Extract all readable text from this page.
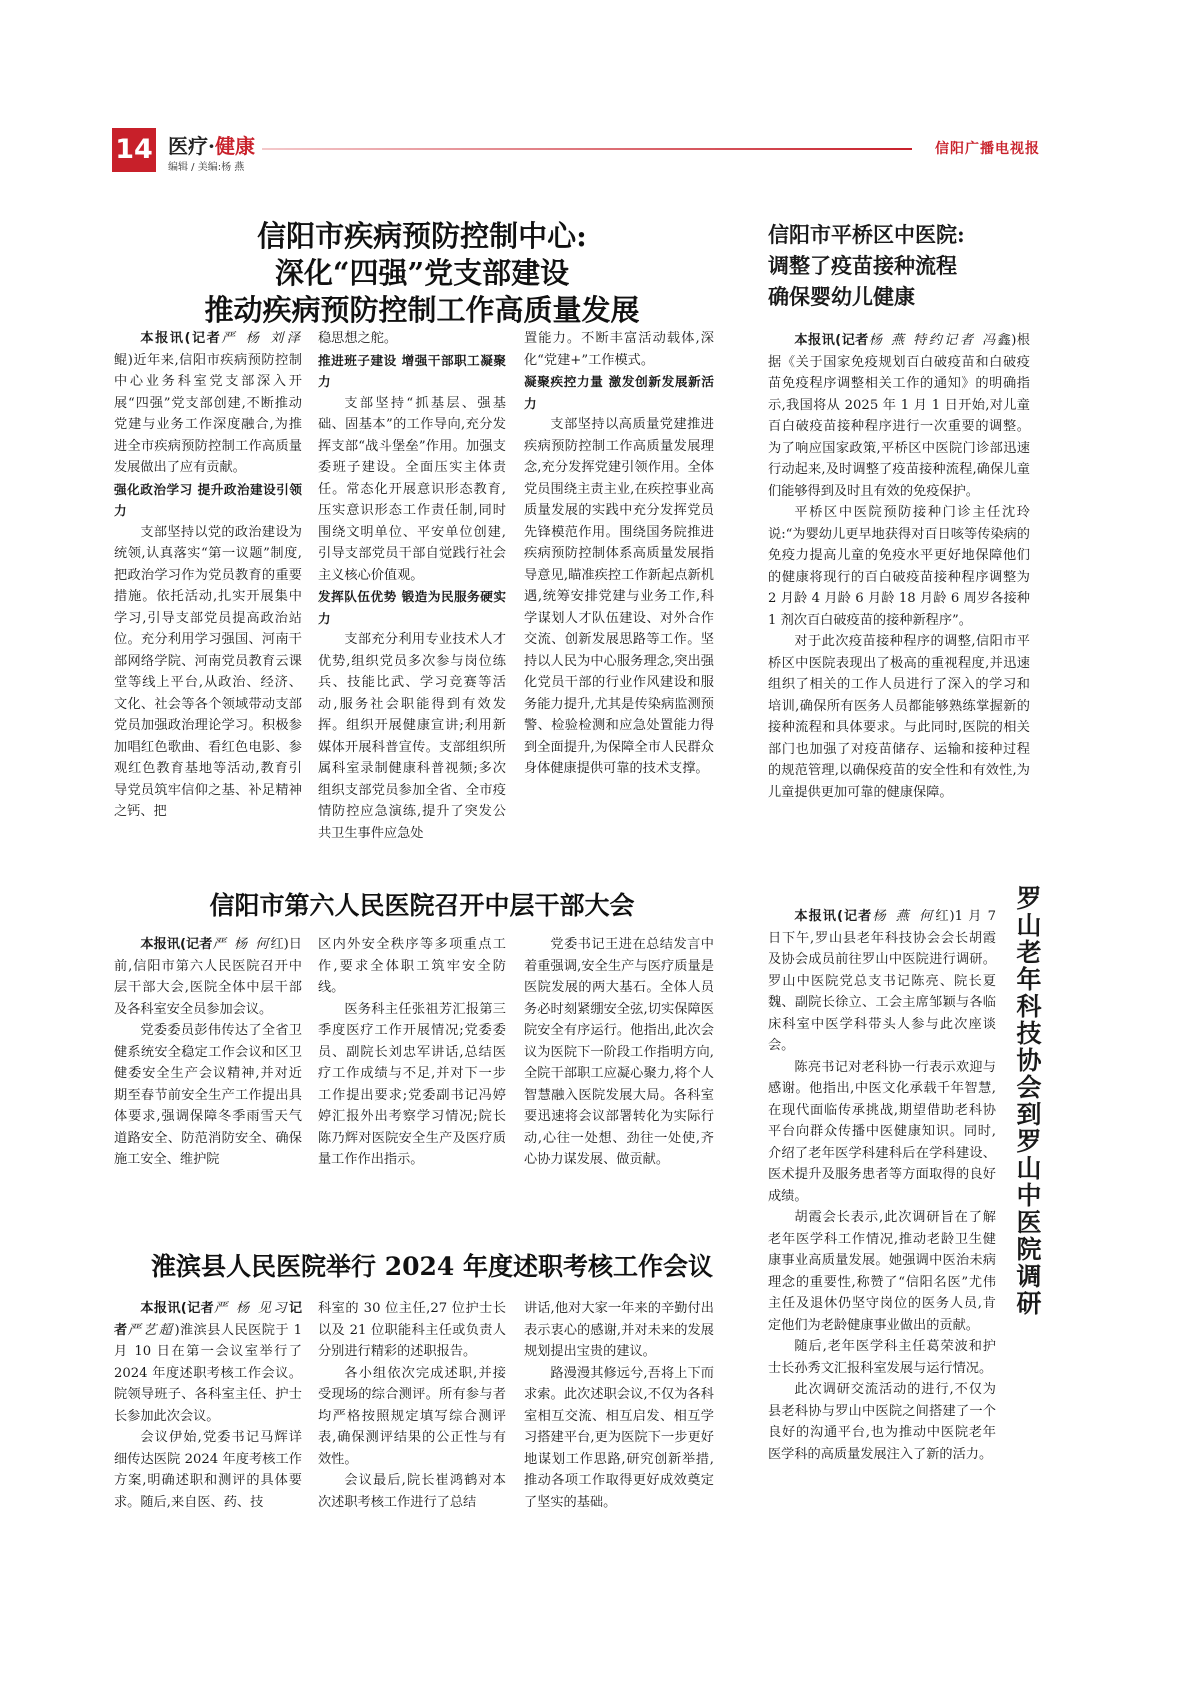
14 医疗·健康
编辑 / 美编:杨 燕
信阳广播电视报
信阳市疾病预防控制中心:
深化“四强”党支部建设
推动疾病预防控制工作高质量发展

本报讯(记者严 杨 刘泽鲲)近年来,信阳市疾病预防控制中心业务科室党支部深入开展“四强”党支部创建,不断推动党建与业务工作深度融合,为推进全市疾病预防控制工作高质量发展做出了应有贡献。

强化政治学习 提升政治建设引领力

支部坚持以党的政治建设为统领,认真落实“第一议题”制度,把政治学习作为党员教育的重要措施。依托活动,扎实开展集中学习,引导支部党员提高政治站位。充分利用学习强国、河南干部网络学院、河南党员教育云课堂等线上平台,从政治、经济、文化、社会等各个领域带动支部党员加强政治理论学习。积极参加唱红色歌曲、看红色电影、参观红色教育基地等活动,教育引导党员筑牢信仰之基、补足精神之钙、把

稳思想之舵。

推进班子建设 增强干部职工凝聚力

支部坚持“抓基层、强基础、固基本”的工作导向,充分发挥支部“战斗堡垒”作用。加强支委班子建设。全面压实主体责任。常态化开展意识形态教育,压实意识形态工作责任制,同时围绕文明单位、平安单位创建,引导支部党员干部自觉践行社会主义核心价值观。

发挥队伍优势 锻造为民服务硬实力

支部充分利用专业技术人才优势,组织党员多次参与岗位练兵、技能比武、学习竞赛等活动,服务社会职能得到有效发挥。组织开展健康宣讲;利用新媒体开展科普宣传。支部组织所属科室录制健康科普视频;多次组织支部党员参加全省、全市疫情防控应急演练,提升了突发公共卫生事件应急处

置能力。不断丰富活动载体,深化“党建+”工作模式。

凝聚疾控力量 激发创新发展新活力

支部坚持以高质量党建推进疾病预防控制工作高质量发展理念,充分发挥党建引领作用。全体党员围绕主责主业,在疾控事业高质量发展的实践中充分发挥党员先锋模范作用。围绕国务院推进疾病预防控制体系高质量发展指导意见,瞄准疾控工作新起点新机遇,统筹安排党建与业务工作,科学谋划人才队伍建设、对外合作交流、创新发展思路等工作。坚持以人民为中心服务理念,突出强化党员干部的行业作风建设和服务能力提升,尤其是传染病监测预警、检验检测和应急处置能力得到全面提升,为保障全市人民群众身体健康提供可靠的技术支撑。

信阳市平桥区中医院:
调整了疫苗接种流程
确保婴幼儿健康

本报讯(记者杨 燕 特约记者 冯鑫)根据《关于国家免疫规划百白破疫苗和白破疫苗免疫程序调整相关工作的通知》的明确指示,我国将从 2025 年 1 月 1 日开始,对儿童百白破疫苗接种程序进行一次重要的调整。为了响应国家政策,平桥区中医院门诊部迅速行动起来,及时调整了疫苗接种流程,确保儿童们能够得到及时且有效的免疫保护。

平桥区中医院预防接种门诊主任沈玲说:“为婴幼儿更早地获得对百日咳等传染病的免疫力提高儿童的免疫水平更好地保障他们的健康将现行的百白破疫苗接种程序调整为 2 月龄 4 月龄 6 月龄 18 月龄 6 周岁各接种 1 剂次百白破疫苗的接种新程序”。

对于此次疫苗接种程序的调整,信阳市平桥区中医院表现出了极高的重视程度,并迅速组织了相关的工作人员进行了深入的学习和培训,确保所有医务人员都能够熟练掌握新的接种流程和具体要求。与此同时,医院的相关部门也加强了对疫苗储存、运输和接种过程的规范管理,以确保疫苗的安全性和有效性,为儿童提供更加可靠的健康保障。

信阳市第六人民医院召开中层干部大会

本报讯(记者严 杨 何红)日前,信阳市第六人民医院召开中层干部大会,医院全体中层干部及各科室安全员参加会议。

党委委员彭伟传达了全省卫健系统安全稳定工作会议和区卫健委安全生产会议精神,并对近期至春节前安全生产工作提出具体要求,强调保障冬季雨雪天气道路安全、防范消防安全、确保施工安全、维护院

区内外安全秩序等多项重点工作,要求全体职工筑牢安全防线。

医务科主任张祖芳汇报第三季度医疗工作开展情况;党委委员、副院长刘忠军讲话,总结医疗工作成绩与不足,并对下一步工作提出要求;党委副书记冯婷婷汇报外出考察学习情况;院长陈乃辉对医院安全生产及医疗质量工作作出指示。

党委书记王进在总结发言中着重强调,安全生产与医疗质量是医院发展的两大基石。全体人员务必时刻紧绷安全弦,切实保障医院安全有序运行。他指出,此次会议为医院下一阶段工作指明方向,全院干部职工应凝心聚力,将个人智慧融入医院发展大局。各科室要迅速将会议部署转化为实际行动,心往一处想、劲往一处使,齐心协力谋发展、做贡献。

淮滨县人民医院举行 2024 年度述职考核工作会议

本报讯(记者严 杨 见习记者严艺超)淮滨县人民医院于 1 月 10 日在第一会议室举行了 2024 年度述职考核工作会议。院领导班子、各科室主任、护士长参加此次会议。

会议伊始,党委书记马辉详细传达医院 2024 年度考核工作方案,明确述职和测评的具体要求。随后,来自医、药、技

科室的 30 位主任,27 位护士长以及 21 位职能科主任或负责人分别进行精彩的述职报告。

各小组依次完成述职,并接受现场的综合测评。所有参与者均严格按照规定填写综合测评表,确保测评结果的公正性与有效性。

会议最后,院长崔鸿鹤对本次述职考核工作进行了总结

讲话,他对大家一年来的辛勤付出表示衷心的感谢,并对未来的发展规划提出宝贵的建议。

路漫漫其修远兮,吾将上下而求索。此次述职会议,不仅为各科室相互交流、相互启发、相互学习搭建平台,更为医院下一步更好地谋划工作思路,研究创新举措,推动各项工作取得更好成效奠定了坚实的基础。

罗山老年科技协会到罗山中医院调研

本报讯(记者杨 燕 何红)1 月 7 日下午,罗山县老年科技协会会长胡霞及协会成员前往罗山中医院进行调研。罗山中医院党总支书记陈亮、院长夏魏、副院长徐立、工会主席邹颖与各临床科室中医学科带头人参与此次座谈会。

陈亮书记对老科协一行表示欢迎与感谢。他指出,中医文化承载千年智慧,在现代面临传承挑战,期望借助老科协平台向群众传播中医健康知识。同时,介绍了老年医学科建科后在学科建设、医术提升及服务患者等方面取得的良好成绩。

胡霞会长表示,此次调研旨在了解老年医学科工作情况,推动老龄卫生健康事业高质量发展。她强调中医治未病理念的重要性,称赞了“信阳名医”尤伟主任及退休仍坚守岗位的医务人员,肯定他们为老龄健康事业做出的贡献。

随后,老年医学科主任葛荣波和护士长孙秀文汇报科室发展与运行情况。

此次调研交流活动的进行,不仅为县老科协与罗山中医院之间搭建了一个良好的沟通平台,也为推动中医院老年医学科的高质量发展注入了新的活力。
